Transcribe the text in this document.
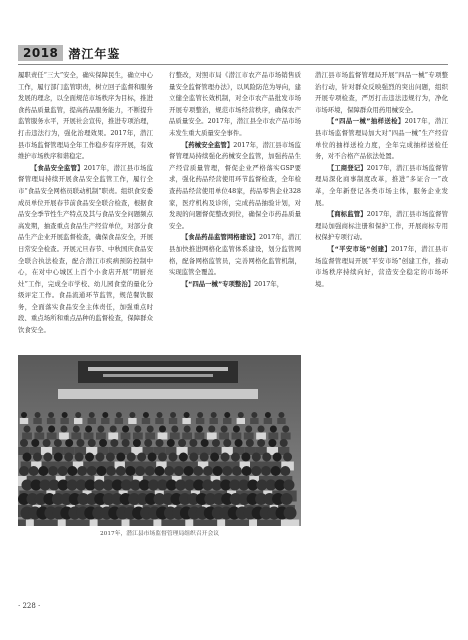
2018 潜江年鉴

履职责任“三大”安全，确实保障民生，确立中心工作，履行部门监管职责，树立回子监督和服务发展的理念，以全面规范市场秩序为目标，推进食药品质量监管，提高药品服务能力，不断提升监管服务水平，开展社会宣传，推进专项治理，打击违法行为，强化治理效果。2017年，潜江县市场监督管理局全年工作稳步有序开展，有效维护市场秩序和谐稳定。

【食品安全监管】2017年，潜江县市场监督管理局持续开展食品安全监管工作，履行全市“食品安全网格员联动机制”职责。组织食安委成员单位开展春节前食品安全联合检查，根据食品安全季节性生产特点及其与食品安全问题频点高发期，抽查重点食品生产经营单位，对部分食品生产企业开展监督检查，确保食品安全，开展日常安全检查。开展元旦春节、中秋国庆食品安全联合执法检查，配合潜江市疾病预防控制中心，在对中心城区上百个小食店开展“明厨亮灶”工作，完成全市学校、幼儿园食堂的量化分级评定工作。食品流通环节监管，规范餐饮服务，全面落实食品安全主体责任，加强重点时段、重点场所和重点品种的监督检查，保障群众饮食安全。

行整改，对照市局《潜江市农产品市场销售质量安全监督管理办法》，以风险防范为导向，建立健全监管长效机制，对全市农产品批发市场开展专项整治，规范市场经营秩序，确保农产品质量安全。2017年，潜江县全市农产品市场未发生重大质量安全事件。

【药械安全监管】2017年，潜江县市场监督管理局持续强化药械安全监管，加强药品生产经营质量管理，督促企业严格落实GSP要求，强化药品经营使用环节监督检查，全年检查药品经营使用单位48家，药品零售企业328家，医疗机构及诊所，完成药品抽验计划，对发现的问题督促整改到位，确保全市药品质量安全。

【食品药品监管网格建设】2017年，潜江县加快推进网格化监管体系建设，划分监管网格，配备网格监管员，完善网格化监管机制，实现监管全覆盖。

【“四品一械”专项整治】2017年，

潜江县市场监督管理局开展“四品一械”专项整治行动，针对群众反映强烈的突出问题，组织开展专项检查，严厉打击违法违规行为，净化市场环境，保障群众用药用械安全。

【“四品一械”抽样送检】2017年，潜江县市场监督管理局加大对“四品一械”生产经营单位的抽样送检力度，全年完成抽样送检任务，对不合格产品依法处置。

【工商登记】2017年，潜江县市场监督管理局深化商事制度改革，推进“多证合一”改革，全年新登记各类市场主体，服务企业发展。

【商标监管】2017年，潜江县市场监督管理局加强商标注册和保护工作，开展商标专用权保护专项行动。

【“平安市场”创建】2017年，潜江县市场监督管理局开展“平安市场”创建工作，推动市场秩序持续向好，营造安全稳定的市场环境。

2017年，潜江县市场监督管理局组织召开会议
· 228 ·
